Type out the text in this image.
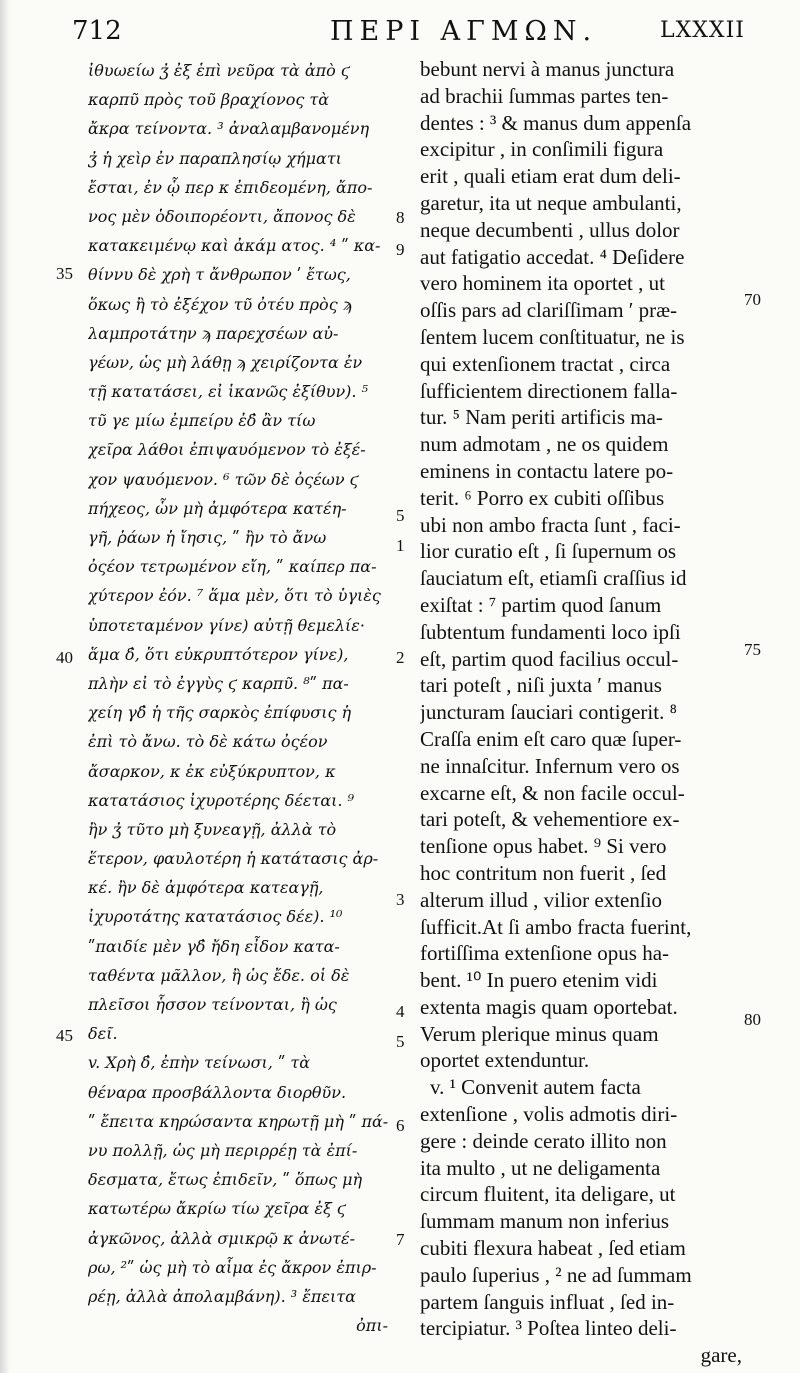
712	ΠΕΡΙ ΑΓΜΩΝ.	LXXXII
ἰθυωείω ʒ̓ ἐξ ἑπὶ νεῦρα τὰ ἀπὸ ϛ
καρπῦ πρὸς τοῦ βραχίονος τὰ
ἄκρα τείνοντα. ³ ἀναλαμβανομένη
ʒ̓ ἡ χεὶρ ἐν παραπλησίῳ χήματι
ἔσται, ἐν ᾧ περ κ ἐπιδεομένη, ἄπο-
νος μὲν ὁδοιπορέοντι, ἄπονος δὲ
κατακειμένῳ καὶ ἀκάμ ατος. ⁴ ʺ κα-
θίννυ δὲ χρὴ τ ἄνθρωπον ʹ ἔτως,
ὅκως ἢ τὸ ἐξέχον τῦ ὀτέυ πρὸς ϡ
λαμπροτάτην ϡ παρεχσέων αὐ-
γέων, ὡς μὴ λάθῃ ϡ χειρίζοντα ἐν
τῇ κατατάσει, εἰ ἱκανῶς ἐξίθυν). ⁵
τῦ γε μίω ἐμπείρυ ἐδ̓ ἂν τίω
χεῖρα λάθοι ἐπιψαυόμενον τὸ ἐξέ-
χον ψαυόμενον. ⁶ τῶν δὲ ὀςέων ϛ
πήχεος, ὧν μὴ ἀμφότερα κατέη-
γῆ, ῥάων ἡ ἴησις, ʺ ἢν τὸ ἄνω
ὀςέον τετρωμένον εἴη, ʺ καίπερ πα-
χύτερον ἐόν. ⁷ ἅμα μὲν, ὅτι τὸ ὑγιὲς
ὑποτεταμένον γίνε) αὐτῇ θεμελίε·
ἅμα δ̓, ὅτι εὐκρυπτότερον γίνε),
πλὴν εἰ τὸ ἐγγὺς ϛ καρπῦ. ⁸ʺ πα-
χείη γδ̓ ἡ τῆς σαρκὸς ἐπίφυσις ἡ
ἐπὶ τὸ ἄνω. τὸ δὲ κάτω ὀςέον
ἄσαρκον, κ ἐκ εὐξύκρυπτον, κ
κατατάσιος ἰχυροτέρης δέεται. ⁹
ἢν ʒ̓ τῦτο μὴ ξυνεαγῇ, ἀλλὰ τὸ
ἕτερον, φαυλοτέρη ἡ κατάτασις ἀρ-
κέ. ἢν δὲ ἀμφότερα κατεαγῇ,
ἰχυροτάτης κατατάσιος δέε). ¹⁰
ʺπαιδίε μὲν γδ̓ ἤδη εἶδον κατα-
ταθέντα μᾶλλον, ἢ ὡς ἔδε. οἱ δὲ
πλεῖσοι ἧσσον τείνονται, ἢ ὡς
δεῖ.
v. Χρὴ δ̓, ἐπὴν τείνωσι, ʺ τὰ
θέναρα προσβάλλοντα διορθῦν.
ʺ ἔπειτα κηρώσαντα κηρωτῇ μὴ ʺ πά-
νυ πολλῇ, ὡς μὴ περιρρέῃ τὰ ἐπί-
δεσματα, ἔτως ἐπιδεῖν, ʺ ὅπως μὴ
κατωτέρω ἄκρίω τίω χεῖρα ἐξ ϛ
ἀγκῶνος, ἀλλὰ σμικρῷ κ ἀνωτέ-
ρω, ²ʺ ὡς μὴ τὸ αἷμα ἐς ἄκρον ἐπιρ-
ρέῃ, ἀλλὰ ἀπολαμβάνη). ³ ἔπειτα
ὀπι-
bebunt nervi à manus junctura
ad brachii ſummas partes ten-
dentes : ³ & manus dum appenſa
excipitur , in conſimili figura
erit , quali etiam erat dum deli-
garetur, ita ut neque ambulanti,
neque decumbenti , ullus dolor
aut fatigatio accedat. ⁴ Deſidere
vero hominem ita oportet , ut
oſſis pars ad clariſſimam ʹ præ-
ſentem lucem conſtituatur, ne is
qui extenſionem tractat , circa
ſufficientem directionem falla-
tur. ⁵ Nam periti artificis ma-
num admotam , ne os quidem
eminens in contactu latere po-
terit. ⁶ Porro ex cubiti oſſibus
ubi non ambo fracta ſunt , faci-
lior curatio eſt , ſi ſupernum os
ſauciatum eſt, etiamſi craſſius id
exiſtat : ⁷ partim quod ſanum
ſubtentum fundamenti loco ipſi
eſt, partim quod facilius occul-
tari poteſt , niſi juxta ʹ manus
juncturam ſauciari contigerit. ⁸
Craſſa enim eſt caro quæ ſuper-
ne innaſcitur. Infernum vero os
excarne eſt, & non facile occul-
tari poteſt, & vehementiore ex-
tenſione opus habet. ⁹ Si vero
hoc contritum non fuerit , ſed
alterum illud , vilior extenſio
ſufficit.At ſi ambo fracta fuerint,
fortiſſima extenſione opus ha-
bent. ¹⁰ In puero etenim vidi
extenta magis quam oportebat.
Verum plerique minus quam
oportet extenduntur.
v. ¹ Convenit autem facta
extenſione , volis admotis diri-
gere : deinde cerato illito non
ita multo , ut ne deligamenta
circum fluitent, ita deligare, ut
ſummam manum non inferius
cubiti flexura habeat , ſed etiam
paulo ſuperius , ² ne ad ſummam
partem ſanguis influat , ſed in-
tercipiatur. ³ Poſtea linteo deli-
gare,
35
40
45
8
9
5
1
2
3
4
5
6
7
70
75
80
